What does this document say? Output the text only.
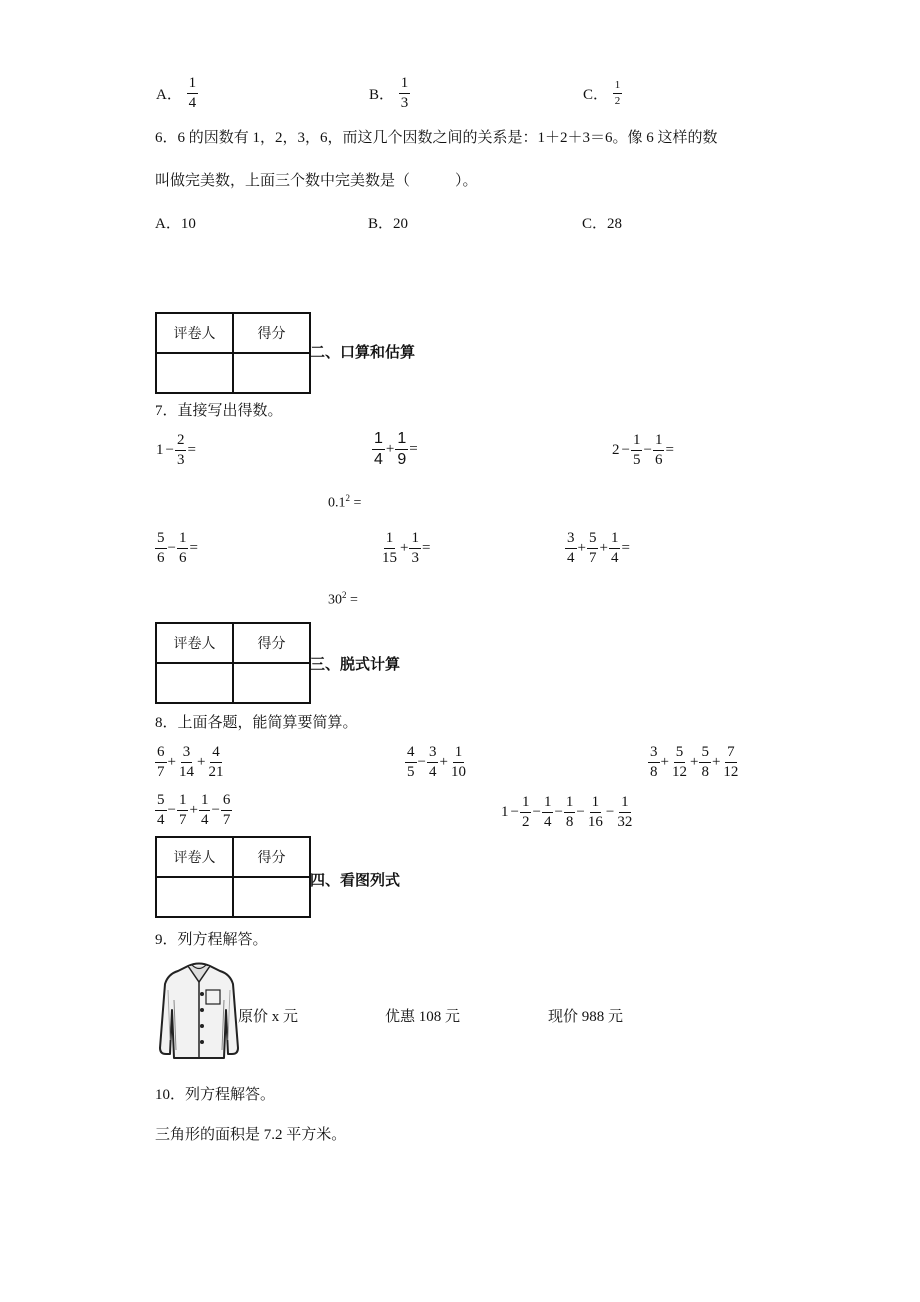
A． $\frac{1}{4}$	B． $\frac{1}{3}$	C． $\frac{1}{2}$
6．6 的因数有 1，2，3，6，而这几个因数之间的关系是：1＋2＋3＝6。像 6 这样的数
叫做完美数，上面三个数中完美数是（　　　）。
A．10	B．20	C．28
评卷人	得分

二、口算和估算
7．直接写出得数。
$1 - \frac{2}{3}$ =	$\frac{1}{4} + \frac{1}{9}$ =	$2 - \frac{1}{5} - \frac{1}{6}$ =
$0.1^2$ =
$\frac{5}{6} - \frac{1}{6}$ =	$\frac{1}{15} + \frac{1}{3}$ =	$\frac{3}{4} + \frac{5}{7} + \frac{1}{4}$ =
$30^2$ =
评卷人	得分

三、脱式计算
8．上面各题，能简算要简算。
$\frac{6}{7} + \frac{3}{14} + \frac{4}{21}$	$\frac{4}{5} - \frac{3}{4} + \frac{1}{10}$	$\frac{3}{8} + \frac{5}{12} + \frac{5}{8} + \frac{7}{12}$
$\frac{5}{4} - \frac{1}{7} + \frac{1}{4} - \frac{6}{7}$	$1 - \frac{1}{2} - \frac{1}{4} - \frac{1}{8} - \frac{1}{16} - \frac{1}{32}$
评卷人	得分

四、看图列式
9．列方程解答。
原价 x 元	优惠 108 元	现价 988 元
10．列方程解答。
三角形的面积是 7.2 平方米。
